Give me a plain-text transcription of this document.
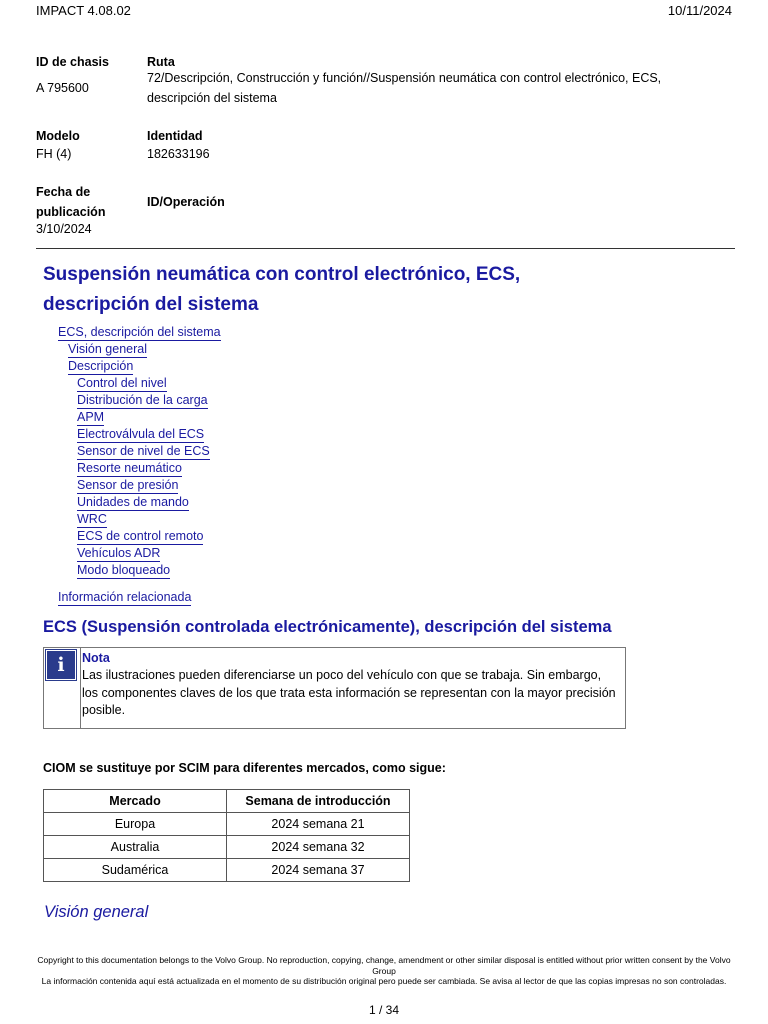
IMPACT 4.08.02	10/11/2024
ID de chasis
A 795600
Ruta
72/Descripción, Construcción y función//Suspensión neumática con control electrónico, ECS, descripción del sistema
Modelo
FH (4)
Identidad
182633196
Fecha de
publicación
3/10/2024
ID/Operación
Suspensión neumática con control electrónico, ECS, descripción del sistema
ECS, descripción del sistema
Visión general
Descripción
Control del nivel
Distribución de la carga
APM
Electroválvula del ECS
Sensor de nivel de ECS
Resorte neumático
Sensor de presión
Unidades de mando
WRC
ECS de control remoto
Vehículos ADR
Modo bloqueado
Información relacionada
ECS (Suspensión controlada electrónicamente), descripción del sistema
i	Nota
Las ilustraciones pueden diferenciarse un poco del vehículo con que se trabaja. Sin embargo, los componentes claves de los que trata esta información se representan con la mayor precisión posible.
CIOM se sustituye por SCIM para diferentes mercados, como sigue:
Mercado	Semana de introducción
Europa	2024 semana 21
Australia	2024 semana 32
Sudamérica	2024 semana 37
Visión general
Copyright to this documentation belongs to the Volvo Group. No reproduction, copying, change, amendment or other similar disposal is entitled without prior written consent by the Volvo Group
La información contenida aquí está actualizada en el momento de su distribución original pero puede ser cambiada. Se avisa al lector de que las copias impresas no son controladas.
1 / 34
